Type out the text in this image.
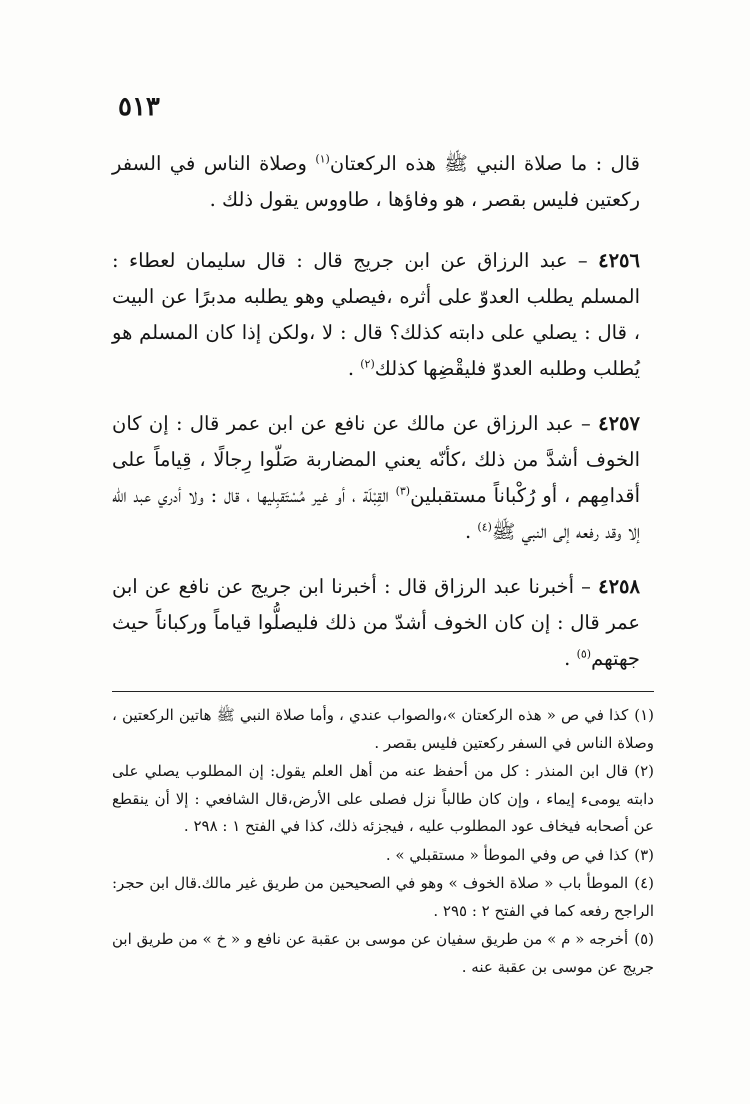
٥١٣

قال : ما صلاة النبي ﷺ هذه الركعتان$^{(١)}$ وصلاة الناس في السفر ركعتين فليس بقصر ، هو وفاؤها ، طاووس يقول ذلك .

٤٢٥٦ – عبد الرزاق عن ابن جريج قال : قال سليمان لعطاء : المسلم يطلب العدوّ على أثره ،فيصلي وهو يطلبه مدبرًا عن البيت ، قال : يصلي على دابته كذلك؟ قال : لا ،ولكن إذا كان المسلم هو يُطلب وطلبه العدوّ فليقْضِها كذلك$^{(٢)}$ .

٤٢٥٧ – عبد الرزاق عن مالك عن نافع عن ابن عمر قال : إن كان الخوف أشدَّ من ذلك ،كأنّه يعني المضاربة صَلّوا رِجالًا ، قِياماً على أقدامِهم ، أو رُكْباناً مستقبلين$^{(٣)}$ القِبْلَة ، أو غير مُسْتَقبِليها ، قال : ولا أدري عبد الله إلا وقد رفعه إلى النبي ﷺ$^{(٤)}$ .

٤٢٥٨ – أخبرنا عبد الرزاق قال : أخبرنا ابن جريج عن نافع عن ابن عمر قال : إن كان الخوف أشدّ من ذلك فليصلُّوا قياماً وركباناً حيث جهتهم$^{(٥)}$ .

(١)كذا في ص « هذه الركعتان »،والصواب عندي ، وأما صلاة النبي ﷺ هاتين الركعتين ، وصلاة الناس في السفر ركعتين فليس بقصر .

(٢)قال ابن المنذر : كل من أحفظ عنه من أهل العلم يقول: إن المطلوب يصلي على دابته يومىء إيماء ، وإن كان طالباً نزل فصلى على الأرض،قال الشافعي : إلا أن ينقطع عن أصحابه فيخاف عود المطلوب عليه ، فيجزئه ذلك، كذا في الفتح ١ : ٢٩٨ .

(٣)كذا في ص وفي الموطأ « مستقبلي » .

(٤)الموطأ باب « صلاة الخوف » وهو في الصحيحين من طريق غير مالك.قال ابن حجر: الراجح رفعه كما في الفتح ٢ : ٢٩٥ .

(٥)أخرجه « م » من طريق سفيان عن موسى بن عقبة عن نافع و « خ » من طريق ابن جريج عن موسى بن عقبة عنه .
